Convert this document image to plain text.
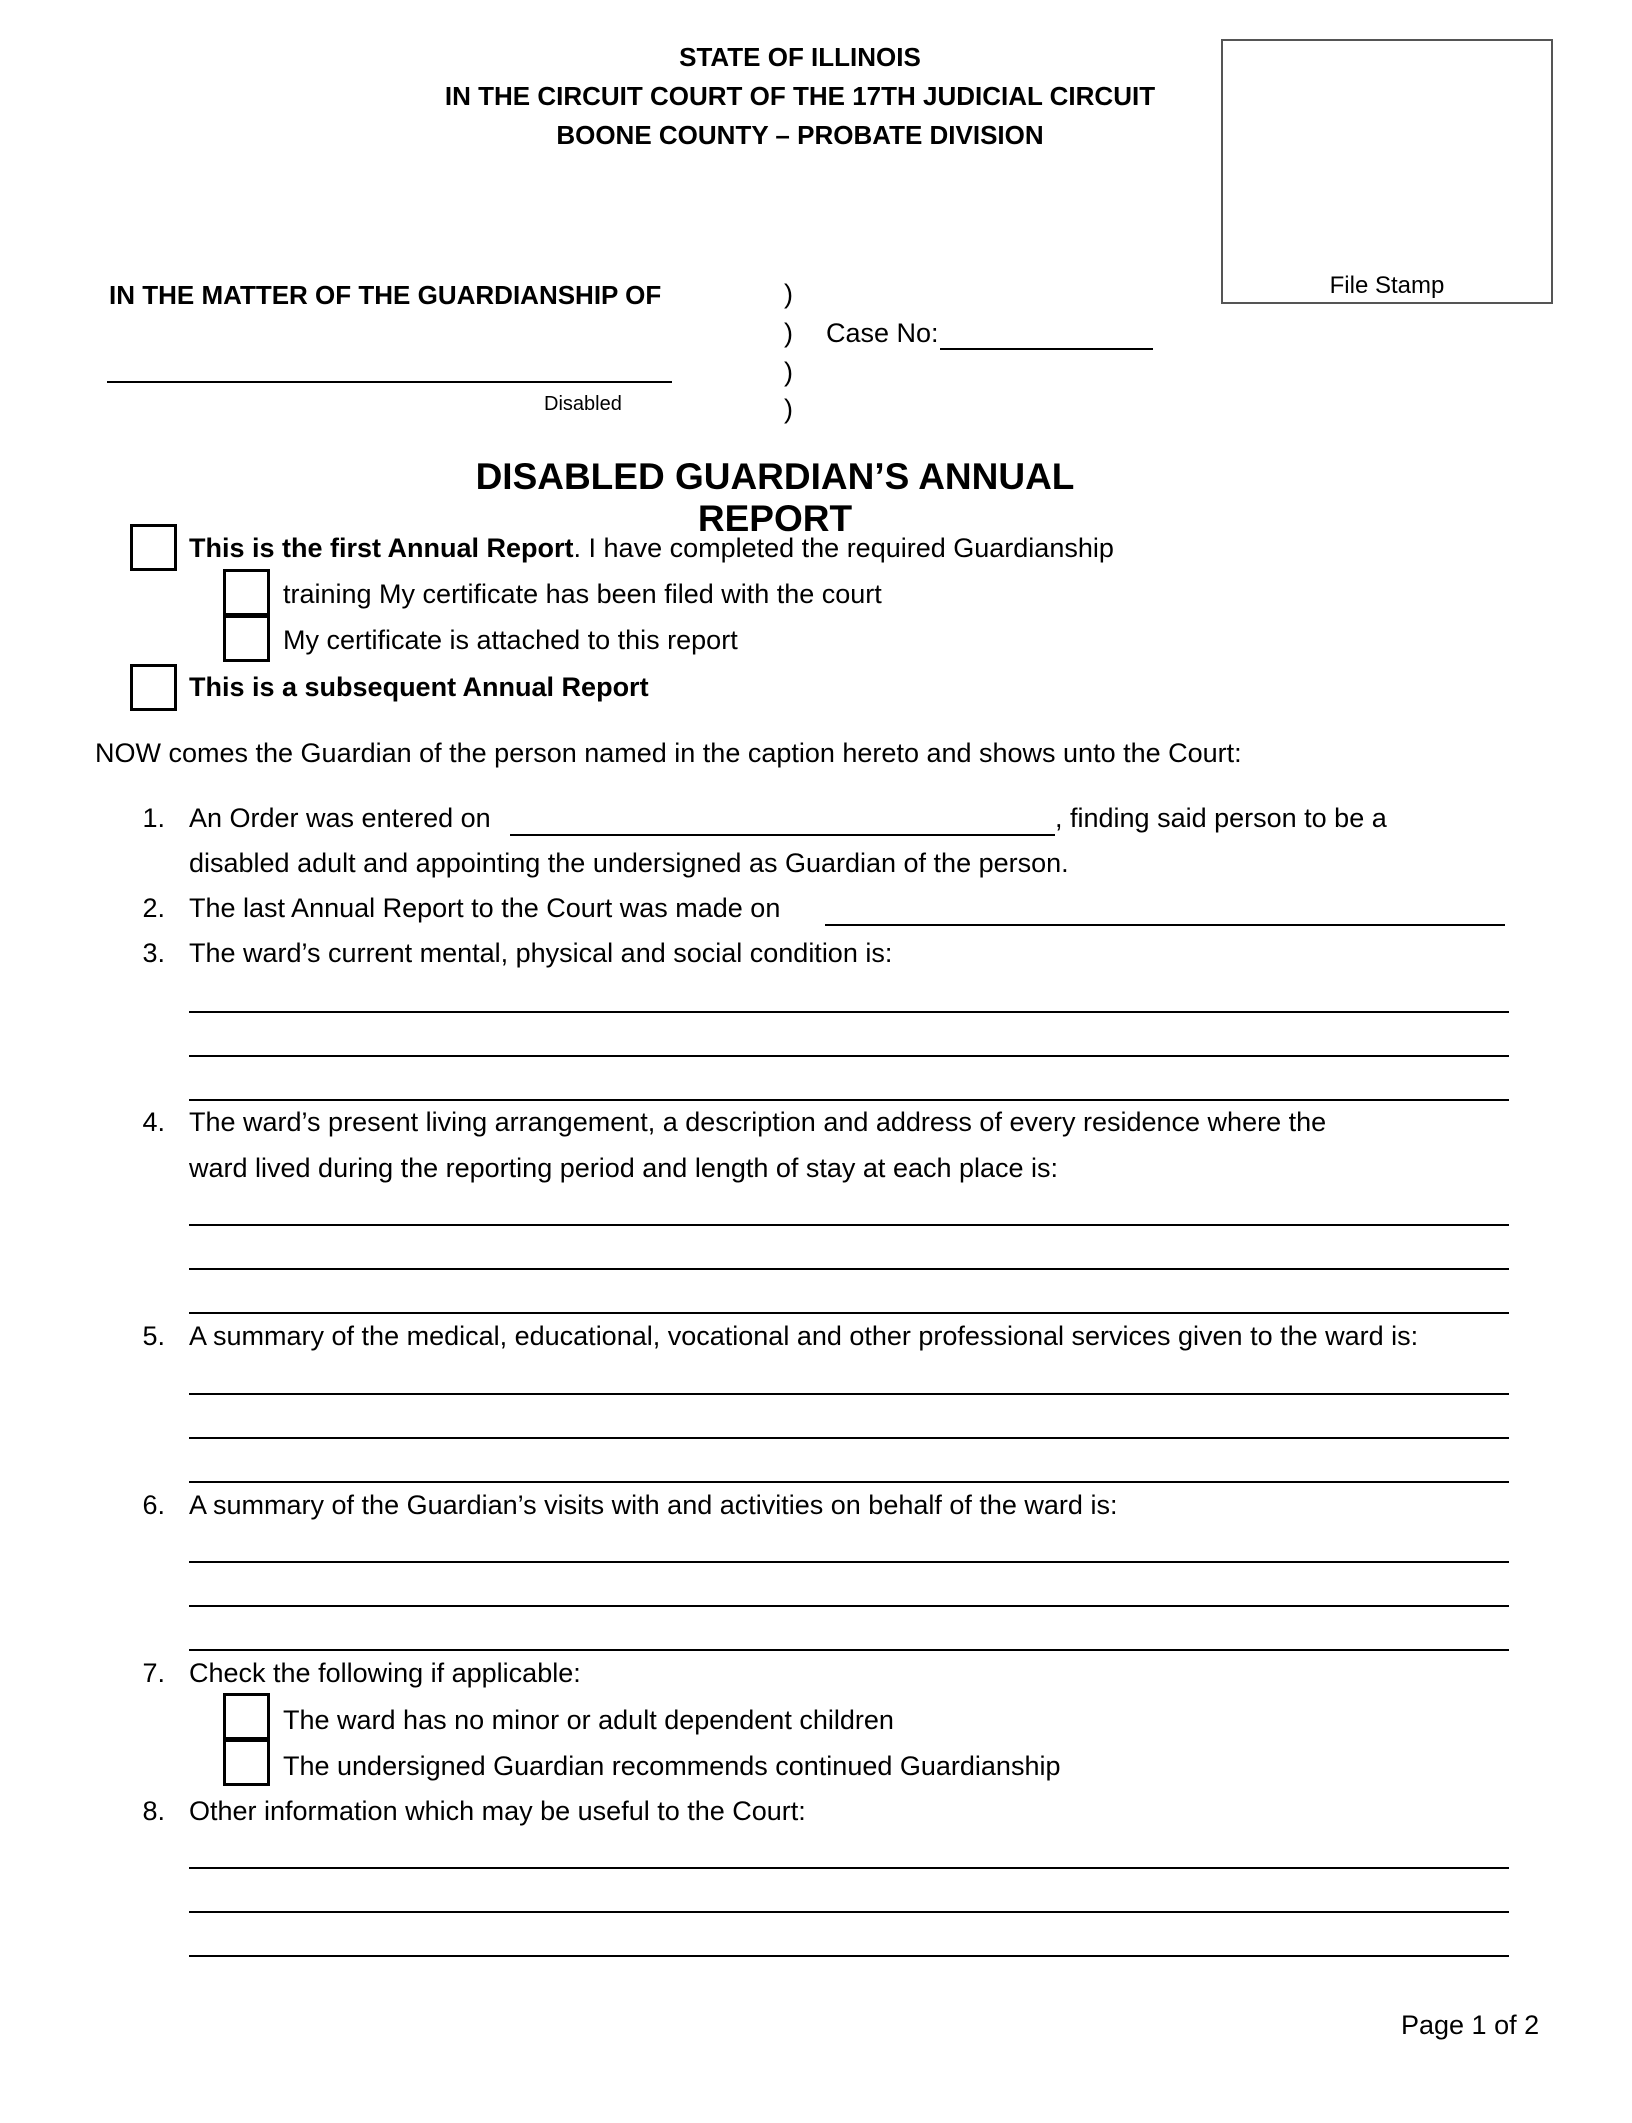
STATE OF ILLINOIS
IN THE CIRCUIT COURT OF THE 17TH JUDICIAL CIRCUIT
BOONE COUNTY – PROBATE DIVISION
File Stamp
IN THE MATTER OF THE GUARDIANSHIP OF
Disabled
)
)
)
)
Case No:
DISABLED GUARDIAN’S ANNUAL REPORT
This is the first Annual Report. I have completed the required Guardianship
training My certificate has been filed with the court
My certificate is attached to this report
This is a subsequent Annual Report
NOW comes the Guardian of the person named in the caption hereto and shows unto the Court:
1. An Order was entered on	, finding said person to be a
disabled adult and appointing the undersigned as Guardian of the person.
2. The last Annual Report to the Court was made on
3. The ward’s current mental, physical and social condition is:
4. The ward’s present living arrangement, a description and address of every residence where the
ward lived during the reporting period and length of stay at each place is:
5. A summary of the medical, educational, vocational and other professional services given to the ward is:
6. A summary of the Guardian’s visits with and activities on behalf of the ward is:
7. Check the following if applicable:
The ward has no minor or adult dependent children
The undersigned Guardian recommends continued Guardianship
8. Other information which may be useful to the Court:
Page 1 of 2
